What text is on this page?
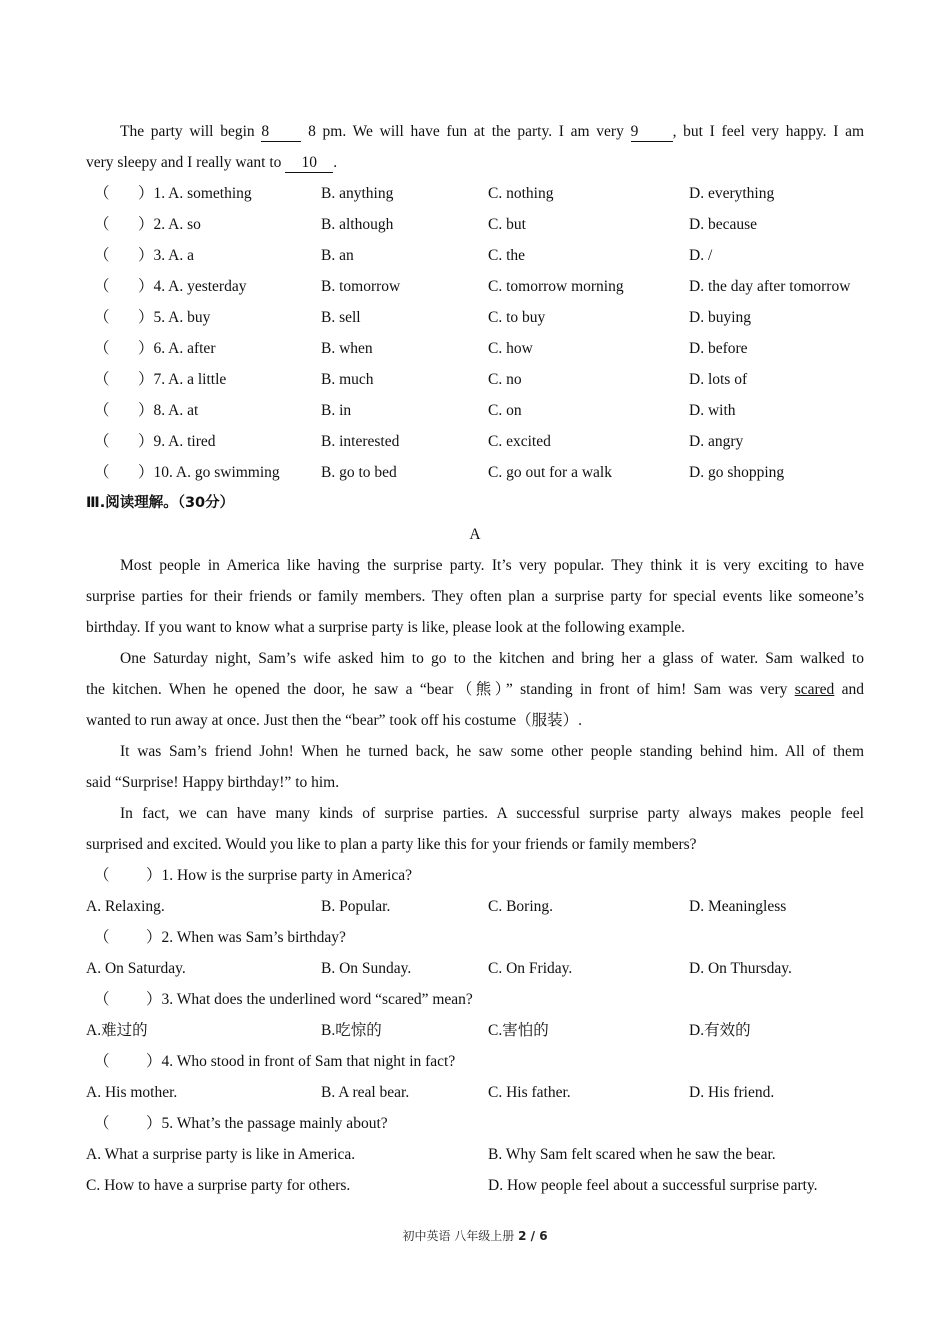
The party will begin 8	8 pm. We will have fun at the party. I am very 9 , but I feel very happy. I am
very sleepy and I really want to 10 .
（ ）1. A. something	B. anything	C. nothing	D. everything
（ ）2. A. so	B. although	C. but	D. because
（ ）3. A. a	B. an	C. the	D. /
（ ）4. A. yesterday	B. tomorrow	C. tomorrow morning	D. the day after tomorrow
（ ）5. A. buy	B. sell	C. to buy	D. buying
（ ）6. A. after	B. when	C. how	D. before
（ ）7. A. a little	B. much	C. no	D. lots of
（ ）8. A. at	B. in	C. on	D. with
（ ）9. A. tired	B. interested	C. excited	D. angry
（ ）10. A. go swimming	B. go to bed	C. go out for a walk	D. go shopping
Ⅲ.阅读理解。（30分）
A
Most people in America like having the surprise party. It’s very popular. They think it is very exciting to have
surprise parties for their friends or family members. They often plan a surprise party for special events like someone’s
birthday. If you want to know what a surprise party is like, please look at the following example.
One Saturday night, Sam’s wife asked him to go to the kitchen and bring her a glass of water. Sam walked to
the kitchen. When he opened the door, he saw a “bear（熊）” standing in front of him! Sam was very scared and
wanted to run away at once. Just then the “bear” took off his costume（服装）.
It was Sam’s friend John! When he turned back, he saw some other people standing behind him. All of them
said “Surprise! Happy birthday!” to him.
In fact, we can have many kinds of surprise parties. A successful surprise party always makes people feel
surprised and excited. Would you like to plan a party like this for your friends or family members?
（ ）1. How is the surprise party in America?
A. Relaxing.	B. Popular.	C. Boring.	D. Meaningless
（ ）2. When was Sam’s birthday?
A. On Saturday.	B. On Sunday.	C. On Friday.	D. On Thursday.
（ ）3. What does the underlined word “scared” mean?
A.难过的	B.吃惊的	C.害怕的	D.有效的
（ ）4. Who stood in front of Sam that night in fact?
A. His mother.	B. A real bear.	C. His father.	D. His friend.
（ ）5. What’s the passage mainly about?
A. What a surprise party is like in America.	B. Why Sam felt scared when he saw the bear.
C. How to have a surprise party for others.	D. How people feel about a successful surprise party.
初中英语 八年级上册 2 / 6
